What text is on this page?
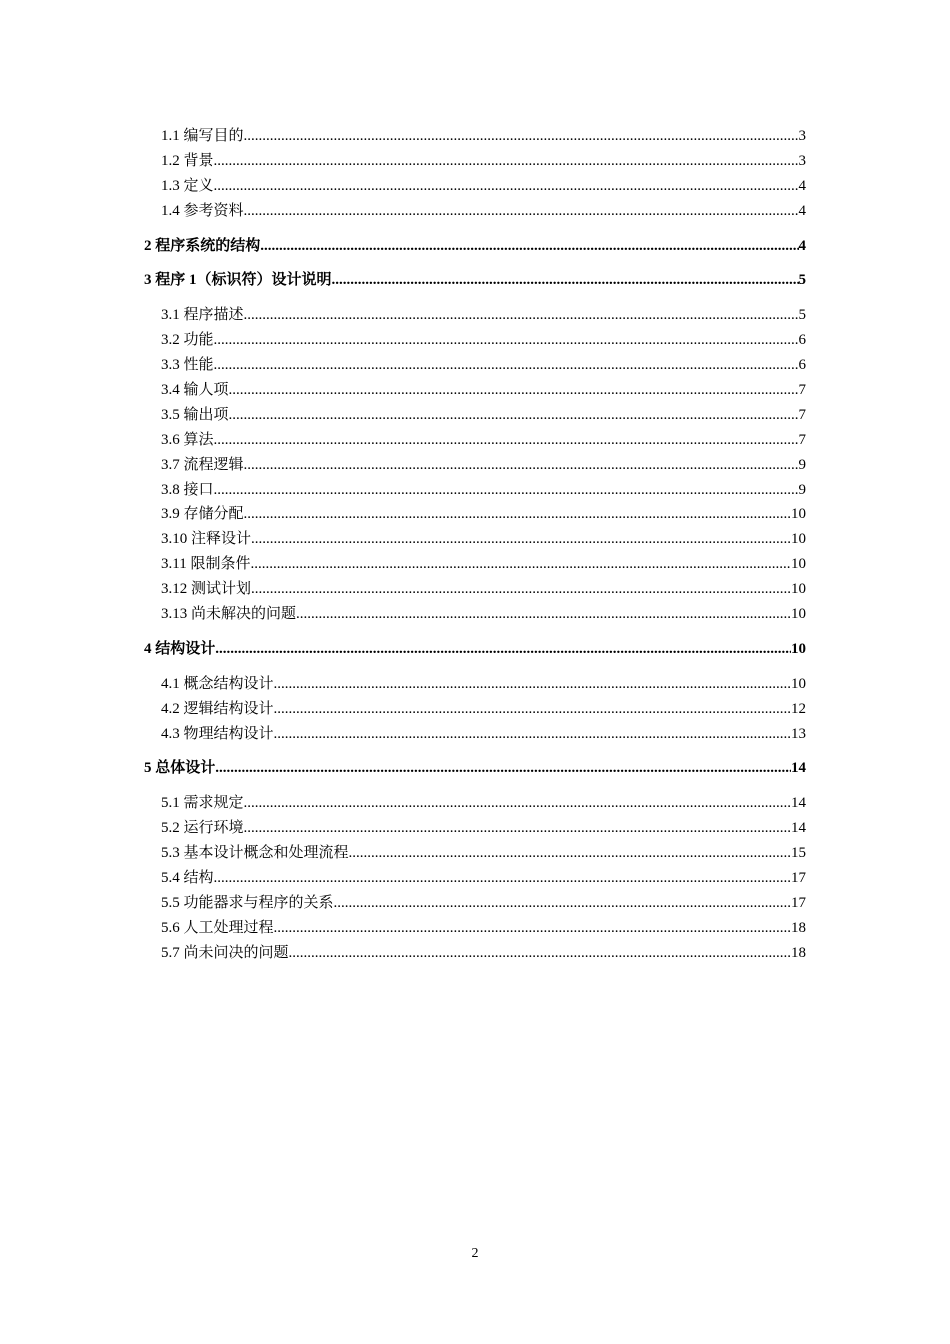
1.1 编写目的 .....	3
1.2 背景 .....	3
1.3 定义 .....	4
1.4 参考资料 .....	4
2 程序系统的结构 .....	4
3 程序 1（标识符）设计说明 .....	5
3.1 程序描述 .....	5
3.2 功能 .....	6
3.3 性能 .....	6
3.4 输人项 .....	7
3.5 输出项 .....	7
3.6 算法 .....	7
3.7 流程逻辑 .....	9
3.8 接口 .....	9
3.9 存储分配 .....	10
3.10 注释设计 .....	10
3.11 限制条件 .....	10
3.12 测试计划 .....	10
3.13 尚未解决的问题 .....	10
4 结构设计 .....	10
4.1 概念结构设计 .....	10
4.2 逻辑结构设计 .....	12
4.3 物理结构设计 .....	13
5 总体设计 .....	14
5.1 需求规定 .....	14
5.2 运行环境 .....	14
5.3 基本设计概念和处理流程 .....	15
5.4 结构 .....	17
5.5 功能器求与程序的关系 .....	17
5.6 人工处理过程 .....	18
5.7 尚未问决的问题 .....	18
2
